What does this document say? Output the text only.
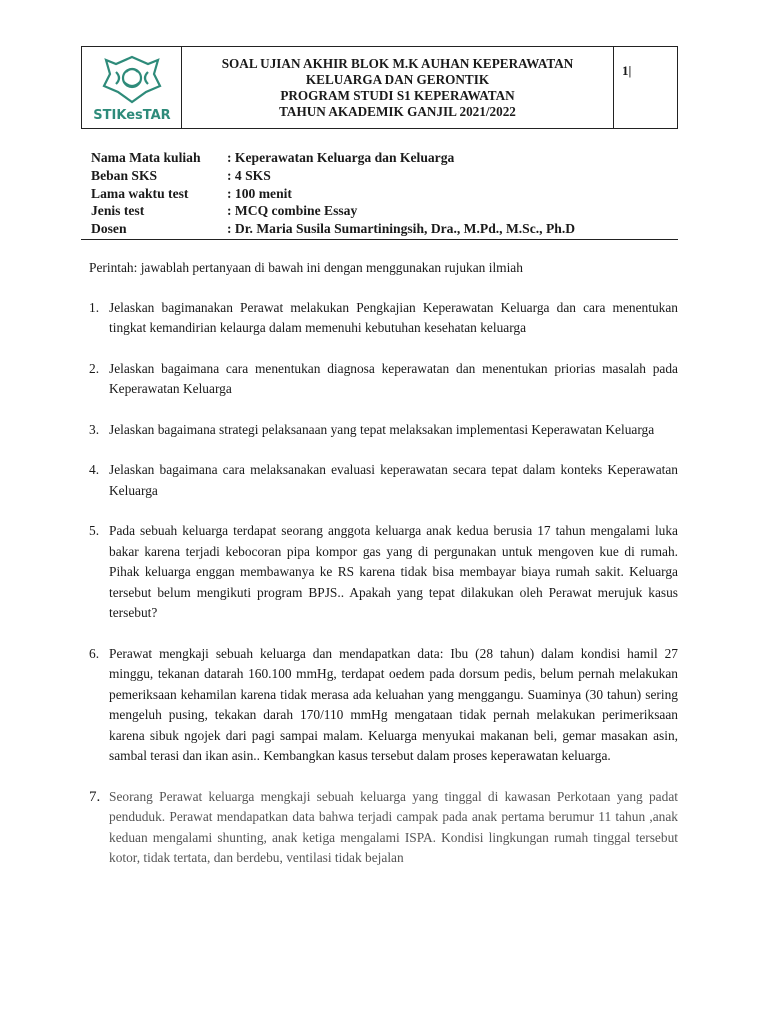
STIKesTAR
SOAL UJIAN AKHIR BLOK M.K AUHAN KEPERAWATAN
KELUARGA DAN GERONTIK
PROGRAM STUDI S1 KEPERAWATAN
TAHUN AKADEMIK GANJIL 2021/2022
1|
Nama Mata kuliah	: Keperawatan Keluarga dan Keluarga
Beban SKS	: 4 SKS
Lama waktu test	: 100 menit
Jenis test	: MCQ combine Essay
Dosen	: Dr. Maria Susila Sumartiningsih, Dra., M.Pd., M.Sc., Ph.D

Perintah: jawablah pertanyaan di bawah ini dengan menggunakan rujukan ilmiah

1. Jelaskan bagimanakan Perawat melakukan Pengkajian Keperawatan Keluarga dan cara menentukan tingkat kemandirian kelaurga dalam memenuhi kebutuhan kesehatan keluarga
2. Jelaskan bagaimana cara menentukan diagnosa keperawatan dan menentukan priorias masalah pada Keperawatan Keluarga
3. Jelaskan bagaimana strategi pelaksanaan yang tepat melaksakan implementasi Keperawatan Keluarga
4. Jelaskan bagaimana cara melaksanakan evaluasi keperawatan secara tepat dalam konteks Keperawatan Keluarga
5. Pada sebuah keluarga terdapat seorang anggota keluarga anak kedua berusia 17 tahun mengalami luka bakar karena terjadi kebocoran pipa kompor gas yang di pergunakan untuk mengoven kue di rumah. Pihak keluarga enggan membawanya ke RS karena tidak bisa membayar biaya rumah sakit. Keluarga tersebut belum mengikuti program BPJS.. Apakah yang tepat dilakukan oleh Perawat merujuk kasus tersebut?
6. Perawat mengkaji sebuah keluarga dan mendapatkan data: Ibu (28 tahun) dalam kondisi hamil 27 minggu, tekanan datarah 160.100 mmHg, terdapat oedem pada dorsum pedis, belum pernah melakukan pemeriksaan kehamilan karena tidak merasa ada keluahan yang menggangu. Suaminya (30 tahun) sering mengeluh pusing, tekakan darah 170/110 mmHg mengataan tidak pernah melakukan perimeriksaan karena sibuk ngojek dari pagi sampai malam. Keluarga menyukai makanan beli, gemar masakan asin, sambal terasi dan ikan asin.. Kembangkan kasus tersebut dalam proses keperawatan keluarga.
7. Seorang Perawat keluarga mengkaji sebuah keluarga yang tinggal di kawasan Perkotaan yang padat penduduk. Perawat mendapatkan data bahwa terjadi campak pada anak pertama berumur 11 tahun ,anak keduan mengalami shunting, anak ketiga mengalami ISPA. Kondisi lingkungan rumah tinggal tersebut kotor, tidak tertata, dan berdebu, ventilasi tidak bejalan
